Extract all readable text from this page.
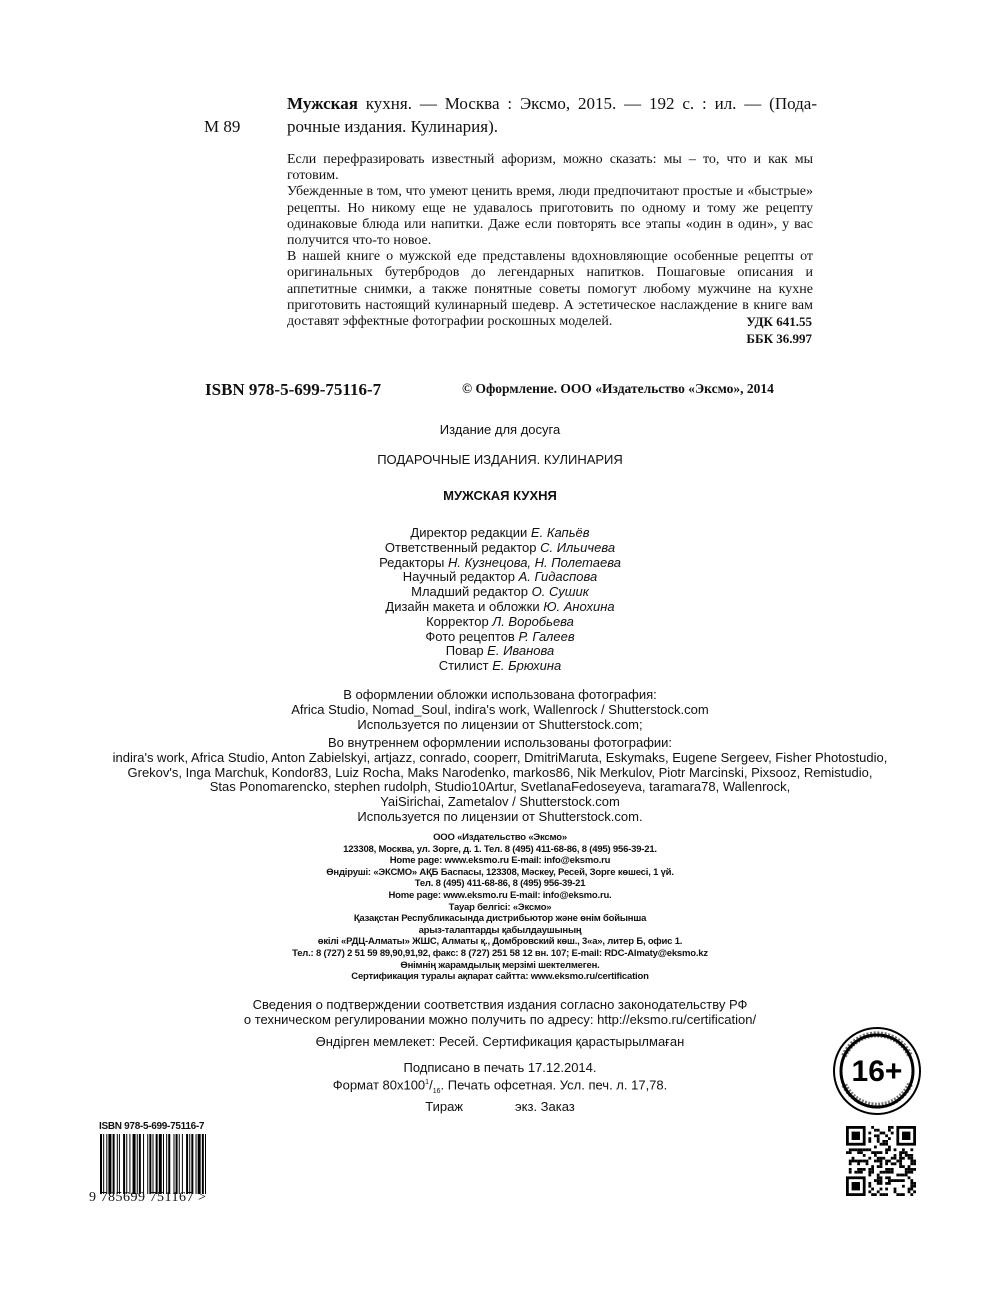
М 89
Мужская кухня. — Москва : Эксмо, 2015. — 192 с. : ил. — (Пода-
рочные издания. Кулинария).

Если перефразировать известный афоризм, можно сказать: мы – то, что и как мы готовим.

Убежденные в том, что умеют ценить время, люди предпочитают простые и «быстрые» рецепты. Но никому еще не удавалось приготовить по одному и тому же рецепту одинаковые блюда или напитки. Даже если повторять все этапы «один в один», у вас получится что-то новое.

В нашей книге о мужской еде представлены вдохновляющие особенные рецепты от оригинальных бутербродов до легендарных напитков. Пошаговые описания и аппетитные снимки, а также понятные советы помогут любому мужчине на кухне приготовить настоящий кулинарный шедевр. А эстетическое наслаждение в книге вам доставят эффектные фотографии роскошных моделей.	УДК 641.55
ББК 36.997
ISBN 978-5-699-75116-7	© Оформление. ООО «Издательство «Эксмо», 2014
Издание для досуга
ПОДАРОЧНЫЕ ИЗДАНИЯ. КУЛИНАРИЯ
МУЖСКАЯ КУХНЯ
Директор редакции Е. Капьёв
Ответственный редактор С. Ильичева
Редакторы Н. Кузнецова, Н. Полетаева
Научный редактор А. Гидаспова
Младший редактор О. Сушик
Дизайн макета и обложки Ю. Анохина
Корректор Л. Воробьева
Фото рецептов Р. Галеев
Повар Е. Иванова
Стилист Е. Брюхина
В оформлении обложки использована фотография:
Africa Studio, Nomad_Soul, indira's work, Wallenrock / Shutterstock.com
Используется по лицензии от Shutterstock.com;
Во внутреннем оформлении использованы фотографии:
indira's work, Africa Studio, Anton Zabielskyi, artjazz, conrado, cooperr, DmitriMaruta, Eskymaks, Eugene Sergeev, Fisher Photostudio,
Grekov's, Inga Marchuk, Kondor83, Luiz Rocha, Maks Narodenko, markos86, Nik Merkulov, Piotr Marcinski, Pixsooz, Remistudio,
Stas Ponomarenсko, stephen rudolph, Studio10Artur, SvetlanaFedoseyeva, taramara78, Wallenrock,
YaiSirichai, Zametalov / Shutterstock.com
Используется по лицензии от Shutterstock.com.
ООО «Издательство «Эксмо»
123308, Москва, ул. Зорге, д. 1. Тел. 8 (495) 411-68-86, 8 (495) 956-39-21.
Home page: www.eksmo.ru E-mail: info@eksmo.ru
Өндіруші: «ЭКСМО» АҚБ Баспасы, 123308, Мәскеу, Ресей, Зорге көшесі, 1 үй.
Тел. 8 (495) 411-68-86, 8 (495) 956-39-21
Home page: www.eksmo.ru E-mail: info@eksmo.ru.
Тауар белгісі: «Эксмо»
Қазақстан Республикасында дистрибьютор және өнім бойынша
арыз-талаптарды қабылдаушының
өкілі «РДЦ-Алматы» ЖШС, Алматы қ., Домбровский көш., 3«а», литер Б, офис 1.
Тел.: 8 (727) 2 51 59 89,90,91,92, факс: 8 (727) 251 58 12 вн. 107; E-mail: RDC-Almaty@eksmo.kz
Өнімнің жарамдылық мерзімі шектелмеген.
Сертификация туралы ақпарат сайтта: www.eksmo.ru/certification
Сведения о подтверждении соответствия издания согласно законодательству РФ
о техническом регулировании можно получить по адресу: http://eksmo.ru/certification/
Өндірген мемлекет: Ресей. Сертификация қарастырылмаған
Подписано в печать 17.12.2014.
Формат $80х100^1/_{16}$. Печать офсетная. Усл. печ. л. 17,78.
Тираж	экз. Заказ
ISBN 978-5-699-75116-7
9 785699 751167 >
16+
